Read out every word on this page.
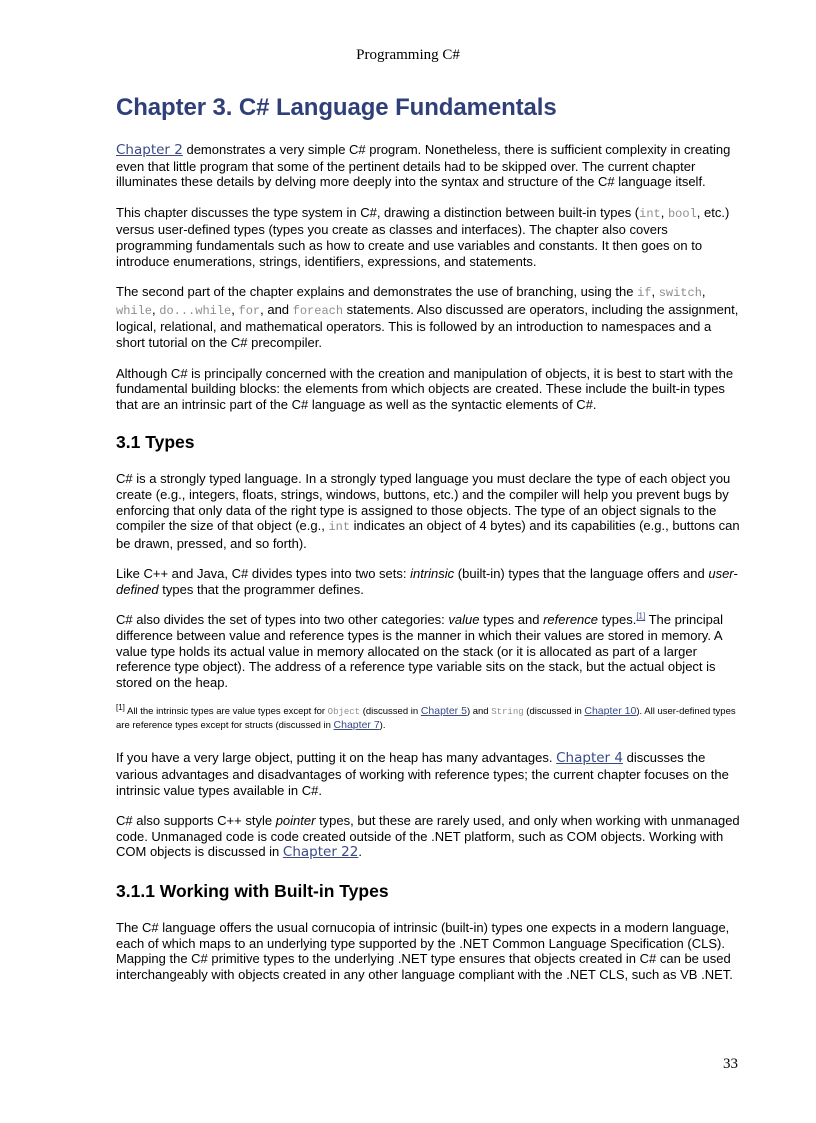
Programming C#
Chapter 3. C# Language Fundamentals

Chapter 2 demonstrates a very simple C# program. Nonetheless, there is sufficient complexity in creating even that little program that some of the pertinent details had to be skipped over. The current chapter illuminates these details by delving more deeply into the syntax and structure of the C# language itself.

This chapter discusses the type system in C#, drawing a distinction between built-in types (int, bool, etc.) versus user-defined types (types you create as classes and interfaces). The chapter also covers programming fundamentals such as how to create and use variables and constants. It then goes on to introduce enumerations, strings, identifiers, expressions, and statements.

The second part of the chapter explains and demonstrates the use of branching, using the if, switch, while, do...while, for, and foreach statements. Also discussed are operators, including the assignment, logical, relational, and mathematical operators. This is followed by an introduction to namespaces and a short tutorial on the C# precompiler.

Although C# is principally concerned with the creation and manipulation of objects, it is best to start with the fundamental building blocks: the elements from which objects are created. These include the built-in types that are an intrinsic part of the C# language as well as the syntactic elements of C#.

3.1 Types

C# is a strongly typed language. In a strongly typed language you must declare the type of each object you create (e.g., integers, floats, strings, windows, buttons, etc.) and the compiler will help you prevent bugs by enforcing that only data of the right type is assigned to those objects. The type of an object signals to the compiler the size of that object (e.g., int indicates an object of 4 bytes) and its capabilities (e.g., buttons can be drawn, pressed, and so forth).

Like C++ and Java, C# divides types into two sets: intrinsic (built-in) types that the language offers and user-defined types that the programmer defines.

C# also divides the set of types into two other categories: value types and reference types.[1] The principal difference between value and reference types is the manner in which their values are stored in memory. A value type holds its actual value in memory allocated on the stack (or it is allocated as part of a larger reference type object). The address of a reference type variable sits on the stack, but the actual object is stored on the heap.

[1] All the intrinsic types are value types except for Object (discussed in Chapter 5) and String (discussed in Chapter 10). All user-defined types are reference types except for structs (discussed in Chapter 7).

If you have a very large object, putting it on the heap has many advantages. Chapter 4 discusses the various advantages and disadvantages of working with reference types; the current chapter focuses on the intrinsic value types available in C#.

C# also supports C++ style pointer types, but these are rarely used, and only when working with unmanaged code. Unmanaged code is code created outside of the .NET platform, such as COM objects. Working with COM objects is discussed in Chapter 22.

3.1.1 Working with Built-in Types

The C# language offers the usual cornucopia of intrinsic (built-in) types one expects in a modern language, each of which maps to an underlying type supported by the .NET Common Language Specification (CLS). Mapping the C# primitive types to the underlying .NET type ensures that objects created in C# can be used interchangeably with objects created in any other language compliant with the .NET CLS, such as VB .NET.

33
